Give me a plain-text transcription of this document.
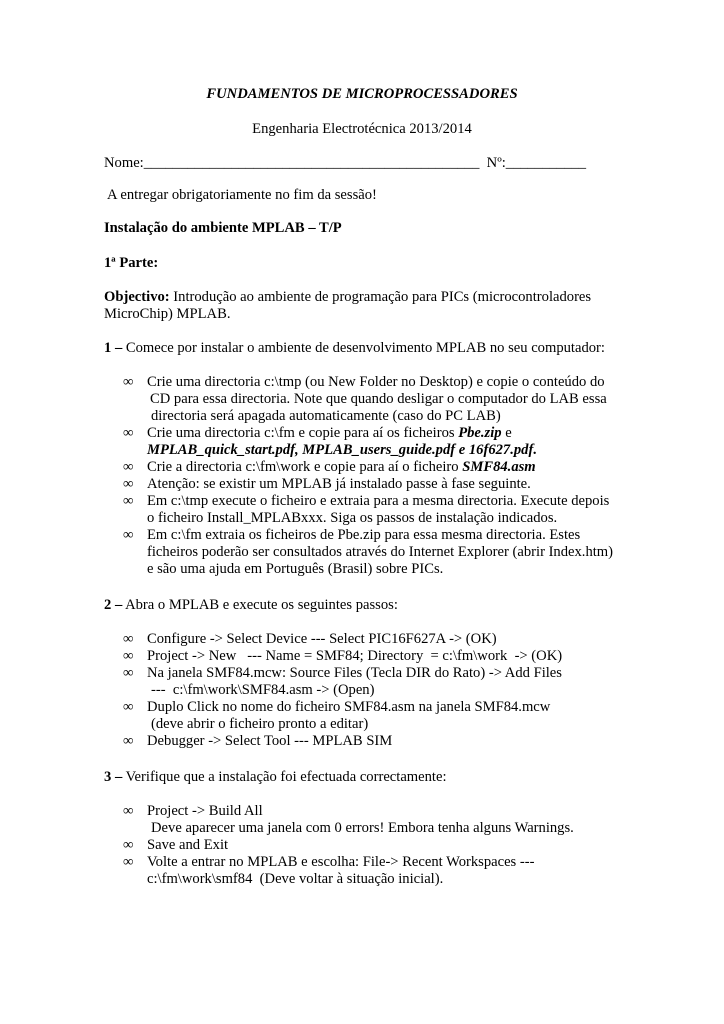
FUNDAMENTOS DE MICROPROCESSADORES

Engenharia Electrotécnica 2013/2014

Nome:______________________________________________  Nº:___________

A entregar obrigatoriamente no fim da sessão!

Instalação do ambiente MPLAB – T/P

1ª Parte:

Objectivo: Introdução ao ambiente de programação para PICs (microcontroladores MicroChip) MPLAB.

1 – Comece por instalar o ambiente de desenvolvimento MPLAB no seu computador:

∞ Crie uma directoria c:\tmp (ou New Folder no Desktop) e copie o conteúdo do
CD para essa directoria. Note que quando desligar o computador do LAB essa
directoria será apagada automaticamente (caso do PC LAB)
∞ Crie uma directoria c:\fm e copie para aí os ficheiros Pbe.zip e
MPLAB_quick_start.pdf, MPLAB_users_guide.pdf e 16f627.pdf.
∞ Crie a directoria c:\fm\work e copie para aí o ficheiro SMF84.asm
∞ Atenção: se existir um MPLAB já instalado passe à fase seguinte.
∞ Em c:\tmp execute o ficheiro e extraia para a mesma directoria. Execute depois
o ficheiro Install_MPLABxxx. Siga os passos de instalação indicados.
∞ Em c:\fm extraia os ficheiros de Pbe.zip para essa mesma directoria. Estes
ficheiros poderão ser consultados através do Internet Explorer (abrir Index.htm)
e são uma ajuda em Português (Brasil) sobre PICs.

2 – Abra o MPLAB e execute os seguintes passos:

∞ Configure -> Select Device --- Select PIC16F627A -> (OK)
∞ Project -> New   --- Name = SMF84; Directory  = c:\fm\work  -> (OK)
∞ Na janela SMF84.mcw: Source Files (Tecla DIR do Rato) -> Add Files
---  c:\fm\work\SMF84.asm -> (Open)
∞ Duplo Click no nome do ficheiro SMF84.asm na janela SMF84.mcw
(deve abrir o ficheiro pronto a editar)
∞ Debugger -> Select Tool --- MPLAB SIM

3 – Verifique que a instalação foi efectuada correctamente:

∞ Project -> Build All
Deve aparecer uma janela com 0 errors! Embora tenha alguns Warnings.
∞ Save and Exit
∞ Volte a entrar no MPLAB e escolha: File-> Recent Workspaces ---
c:\fm\work\smf84  (Deve voltar à situação inicial).
